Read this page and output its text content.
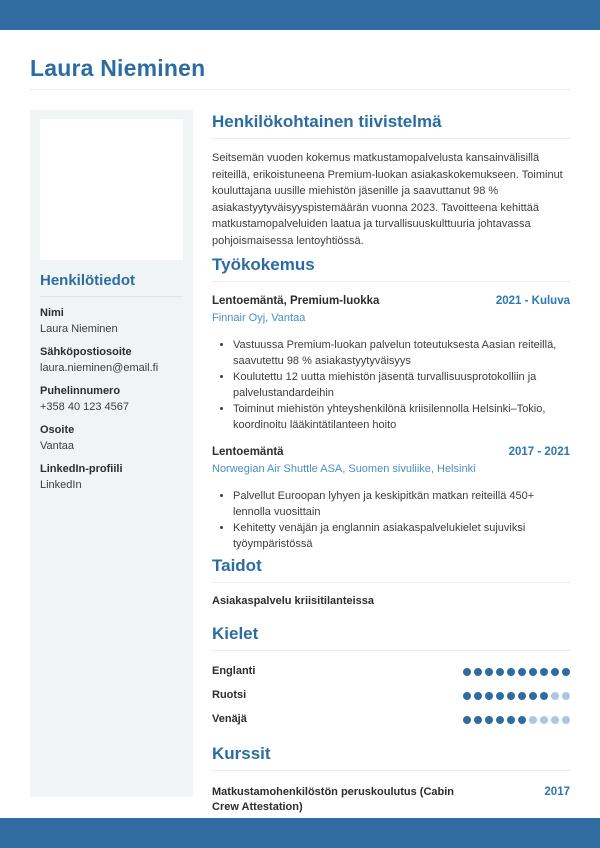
Laura Nieminen
Henkilötiedot
Nimi
Laura Nieminen
Sähköpostiosoite
laura.nieminen@email.fi
Puhelinnumero
+358 40 123 4567
Osoite
Vantaa
LinkedIn-profiili
LinkedIn
Henkilökohtainen tiivistelmä

Seitsemän vuoden kokemus matkustamopalvelusta kansainvälisillä reiteillä, erikoistuneena Premium-luokan asiakaskokemukseen. Toiminut kouluttajana uusille miehistön jäsenille ja saavuttanut 98 % asiakastyytyväisyyspistemäärän vuonna 2023. Tavoitteena kehittää matkustamopalveluiden laatua ja turvallisuuskulttuuria johtavassa pohjoismaisessa lentoyhtiössä.

Työkokemus
Lentoemäntä, Premium-luokka	2021 - Kuluva
Finnair Oyj, Vantaa
• Vastuussa Premium-luokan palvelun toteutuksesta Aasian reiteillä, saavutettu 98 % asiakastyytyväisyys
• Koulutettu 12 uutta miehistön jäsentä turvallisuusprotokolliin ja palvelustandardeihin
• Toiminut miehistön yhteyshenkilönä kriisilennolla Helsinki–Tokio, koordinoitu lääkintätilanteen hoito
Lentoemäntä	2017 - 2021
Norwegian Air Shuttle ASA, Suomen sivuliike, Helsinki
• Palvellut Euroopan lyhyen ja keskipitkän matkan reiteillä 450+ lennolla vuosittain
• Kehitetty venäjän ja englannin asiakaspalvelukielet sujuviksi työympäristössä
Taidot
Asiakaspalvelu kriisitilanteissa
Kielet
Englanti
Ruotsi
Venäjä
Kurssit
Matkustamohenkilöstön peruskoulutus (Cabin Crew Attestation)
2017
